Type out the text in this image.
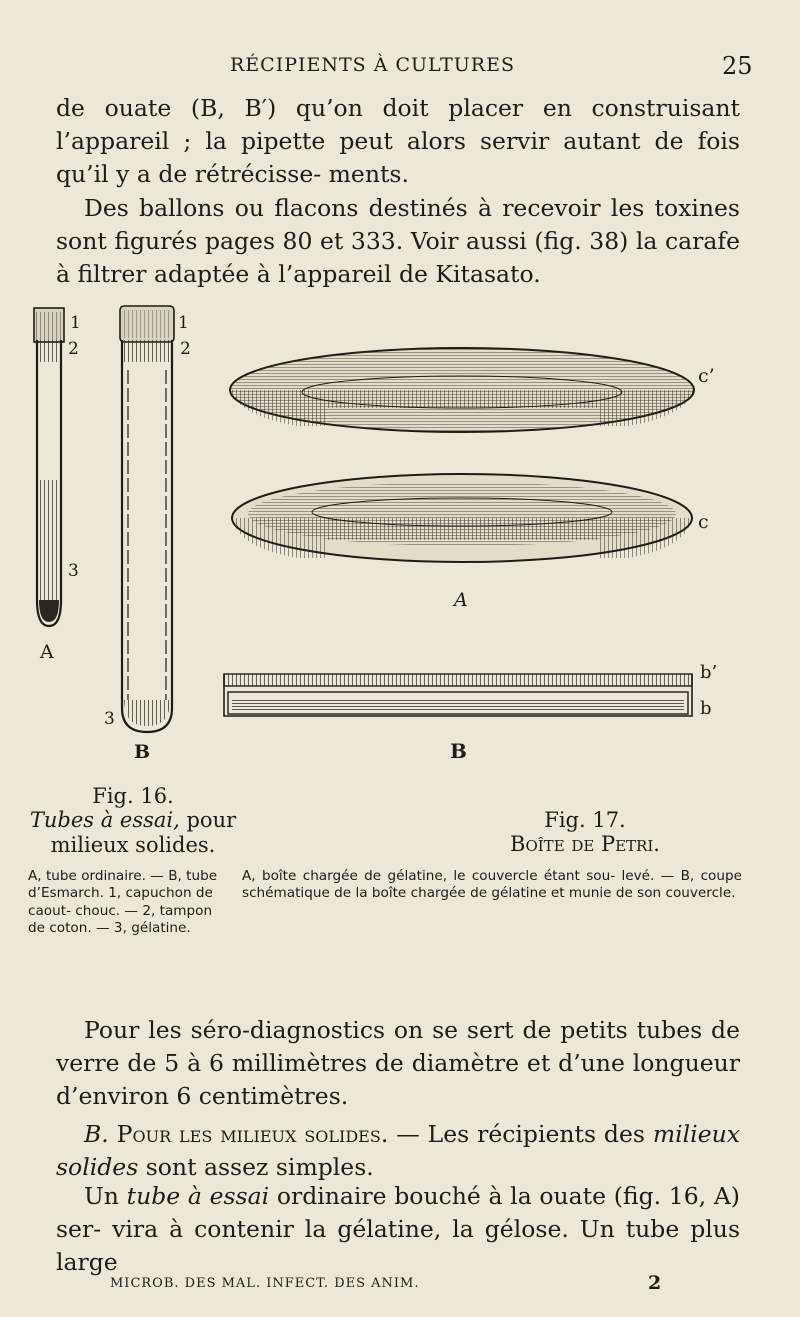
RÉCIPIENTS À CULTURES	25

de ouate (B, B′) qu’on doit placer en construisant l’appareil ; la pipette peut alors servir autant de fois qu’il y a de rétrécisse- ments.

Des ballons ou flacons destinés à recevoir les toxines sont figurés pages 80 et 333. Voir aussi (fig. 38) la carafe à filtrer adaptée à l’appareil de Kitasato.

1
2
3
A
1
2
3
B
c’
c
A
b’
b
B
Fig. 16.
Tubes à essai, pour milieux solides.
A, tube ordinaire. — B, tube d’Esmarch. 1, capuchon de caout- chouc. — 2, tampon de coton. — 3, gélatine.
Fig. 17.
Boîte de Petri.
A, boîte chargée de gélatine, le couvercle étant sou- levé. — B, coupe schématique de la boîte chargée de gélatine et munie de son couvercle.

Pour les séro-diagnostics on se sert de petits tubes de verre de 5 à 6 millimètres de diamètre et d’une longueur d’environ 6 centimètres.

B. Pour les milieux solides. — Les récipients des milieux solides sont assez simples.

Un tube à essai ordinaire bouché à la ouate (fig. 16, A) ser- vira à contenir la gélatine, la gélose. Un tube plus large

MICROB. DES MAL. INFECT. DES ANIM.	2
